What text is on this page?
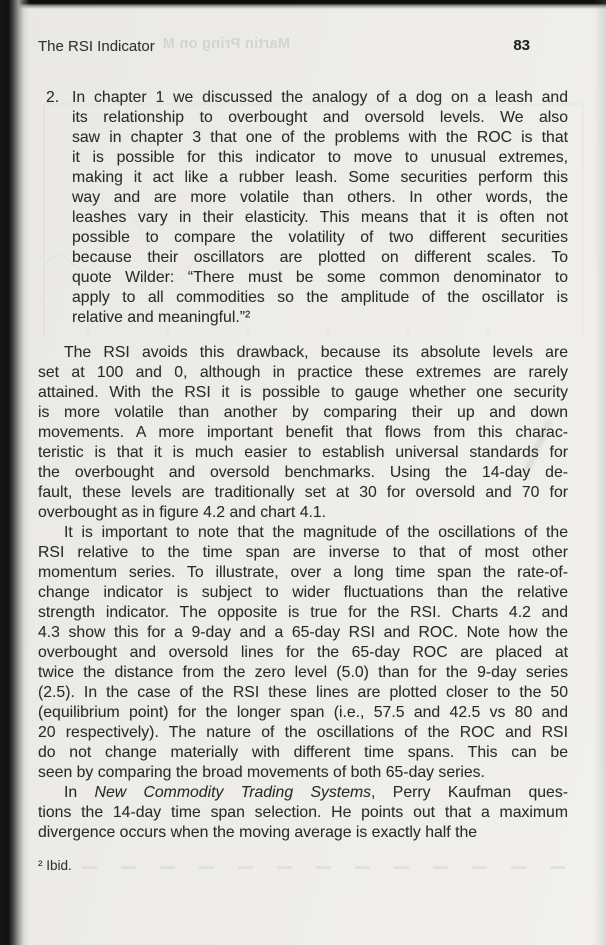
Martin Pring on M
The RSI Indicator	83
2. In chapter 1 we discussed the analogy of a dog on a leash and
its relationship to overbought and oversold levels. We also
saw in chapter 3 that one of the problems with the ROC is that
it is possible for this indicator to move to unusual extremes,
making it act like a rubber leash. Some securities perform this
way and are more volatile than others. In other words, the
leashes vary in their elasticity. This means that it is often not
possible to compare the volatility of two different securities
because their oscillators are plotted on different scales. To
quote Wilder: “There must be some common denominator to
apply to all commodities so the amplitude of the oscillator is
relative and meaningful.”²
The RSI avoids this drawback, because its absolute levels are
set at 100 and 0, although in practice these extremes are rarely
attained. With the RSI it is possible to gauge whether one security
is more volatile than another by comparing their up and down
movements. A more important benefit that flows from this charac-
teristic is that it is much easier to establish universal standards for
the overbought and oversold benchmarks. Using the 14-day de-
fault, these levels are traditionally set at 30 for oversold and 70 for
overbought as in figure 4.2 and chart 4.1.
It is important to note that the magnitude of the oscillations of the
RSI relative to the time span are inverse to that of most other
momentum series. To illustrate, over a long time span the rate-of-
change indicator is subject to wider fluctuations than the relative
strength indicator. The opposite is true for the RSI. Charts 4.2 and
4.3 show this for a 9-day and a 65-day RSI and ROC. Note how the
overbought and oversold lines for the 65-day ROC are placed at
twice the distance from the zero level (5.0) than for the 9-day series
(2.5). In the case of the RSI these lines are plotted closer to the 50
(equilibrium point) for the longer span (i.e., 57.5 and 42.5 vs 80 and
20 respectively). The nature of the oscillations of the ROC and RSI
do not change materially with different time spans. This can be
seen by comparing the broad movements of both 65-day series.
In New Commodity Trading Systems, Perry Kaufman ques-
tions the 14-day time span selection. He points out that a maximum
divergence occurs when the moving average is exactly half the
² Ibid.
